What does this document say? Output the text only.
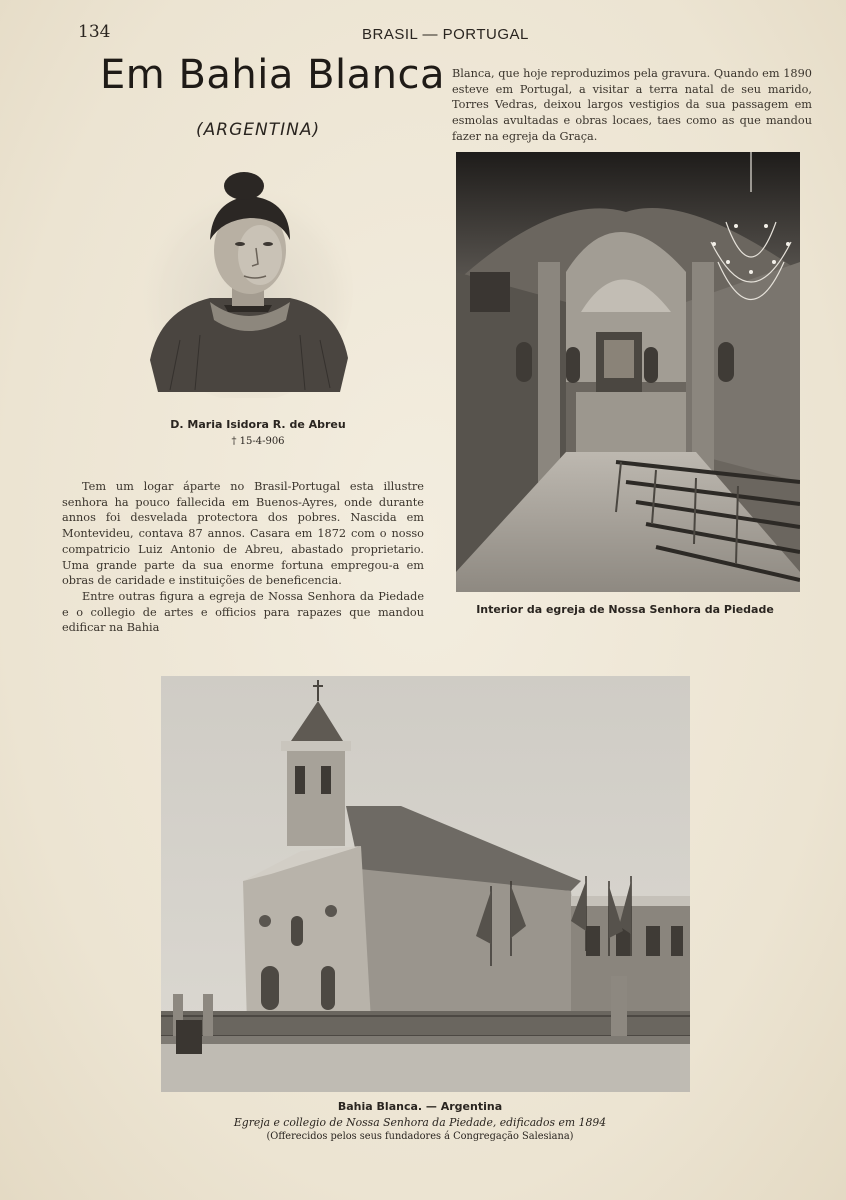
134	BRASIL — PORTUGAL
Em Bahia Blanca
(ARGENTINA)

Blanca, que hoje reproduzimos pela gravura. Quando em 1890 esteve em Portugal, a visitar a terra natal de seu marido, Torres Vedras, deixou largos vestigios da sua passagem em esmolas avultadas e obras locaes, taes como as que mandou fazer na egreja da Graça.

D. Maria Isidora R. de Abreu
† 15-4-906

Tem um logar áparte no Brasil-Portugal esta illustre senhora ha pouco fallecida em Buenos-Ayres, onde durante annos foi desvelada protectora dos pobres. Nascida em Montevideu, contava 87 annos. Casara em 1872 com o nosso compatricio Luiz Antonio de Abreu, abastado proprietario. Uma grande parte da sua enorme fortuna empregou-a em obras de caridade e instituições de beneficencia.

Entre outras figura a egreja de Nossa Senhora da Piedade e o collegio de artes e officios para rapazes que mandou edificar na Bahia

Interior da egreja de Nossa Senhora da Piedade
Bahia Blanca. — Argentina
Egreja e collegio de Nossa Senhora da Piedade, edificados em 1894
(Offerecidos pelos seus fundadores á Congregação Salesiana)
